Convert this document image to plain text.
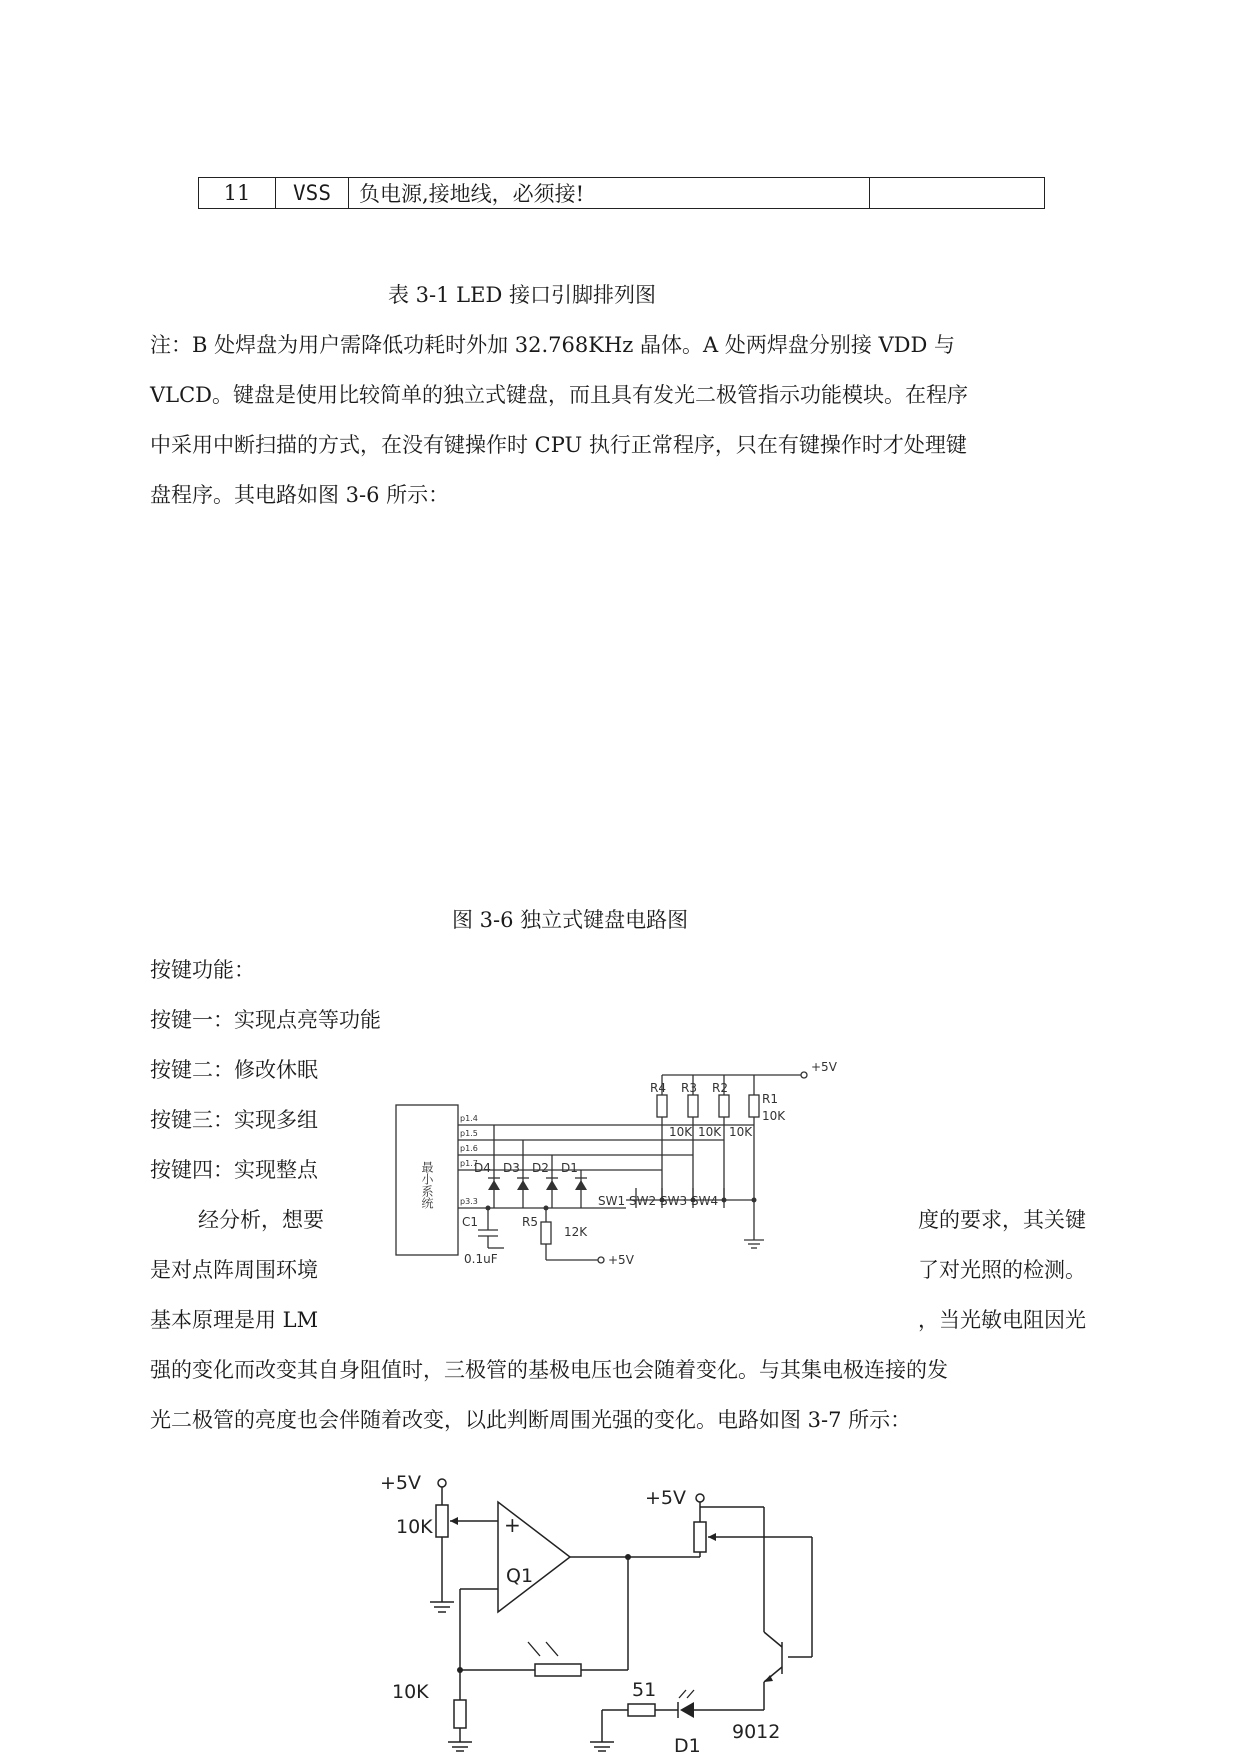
11	VSS	负电源,接地线，必须接!	
表 3-1 LED 接口引脚排列图
注：B 处焊盘为用户需降低功耗时外加 32.768KHz 晶体。A 处两焊盘分别接 VDD 与
VLCD。键盘是使用比较简单的独立式键盘，而且具有发光二极管指示功能模块。在程序
中采用中断扫描的方式，在没有键操作时 CPU 执行正常程序，只在有键操作时才处理键
盘程序。其电路如图 3-6 所示：
图 3-6 独立式键盘电路图
按键功能：
按键一：实现点亮等功能
按键二：修改休眠
按键三：实现多组
按键四：实现整点
经分析，想要	度的要求，其关键
是对点阵周围环境	了对光照的检测。
基本原理是用 LM	，当光敏电阻因光
强的变化而改变其自身阻值时，三极管的基极电压也会随着变化。与其集电极连接的发
光二极管的亮度也会伴随着改变，以此判断周围光强的变化。电路如图 3-7 所示：
+5V
R4 R3 R2
R1
10K 10K 10K
10K
D4 D3 D2 D1
SW1 SW2 SW3 SW4
C1
0.1uF
R5
12K
+5V
p1.4
p1.5
p1.6
p1.7
p3.3
最小系统
+5V
+5V
10K	+
Q1
10K	51
D1
9012
